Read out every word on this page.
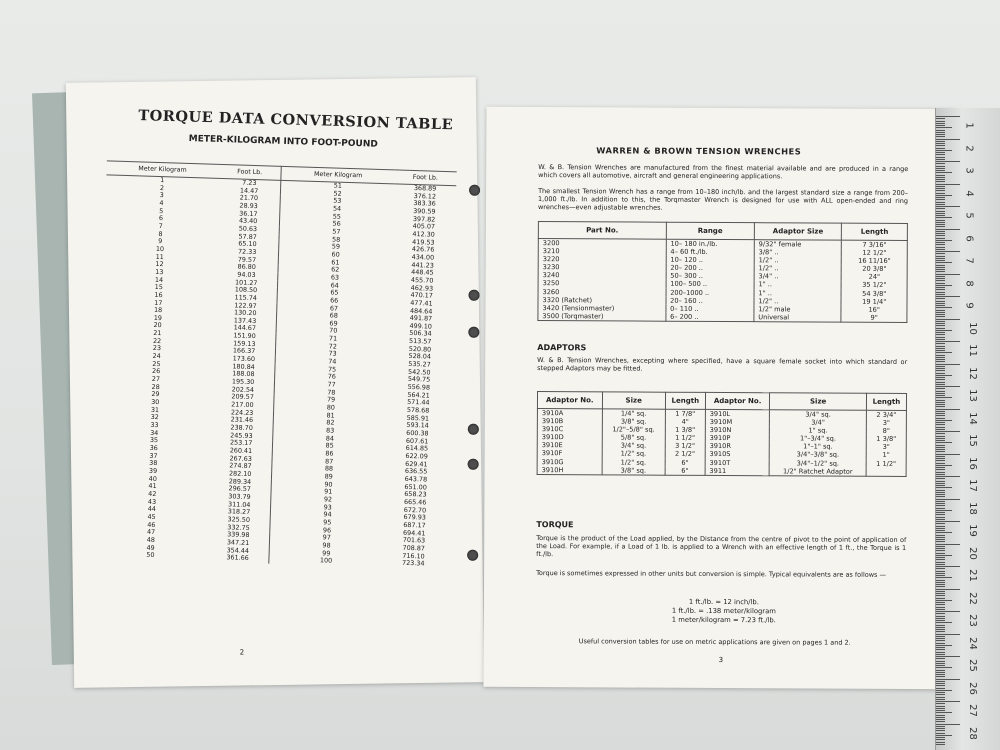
TORQUE DATA CONVERSION TABLE
METER-KILOGRAM INTO FOOT-POUND
Meter Kilogram	Foot Lb.	Meter Kilogram	Foot Lb.
1	7.23	51	368.89
2	14.47	52	376.12
3	21.70	53	383.36
4	28.93	54	390.59
5	36.17	55	397.82
6	43.40	56	405.07
7	50.63	57	412.30
8	57.87	58	419.53
9	65.10	59	426.76
10	72.33	60	434.00
11	79.57	61	441.23
12	86.80	62	448.45
13	94.03	63	455.70
14	101.27	64	462.93
15	108.50	65	470.17
16	115.74	66	477.41
17	122.97	67	484.64
18	130.20	68	491.87
19	137.43	69	499.10
20	144.67	70	506.34
21	151.90	71	513.57
22	159.13	72	520.80
23	166.37	73	528.04
24	173.60	74	535.27
25	180.84	75	542.50
26	188.08	76	549.75
27	195.30	77	556.98
28	202.54	78	564.21
29	209.57	79	571.44
30	217.00	80	578.68
31	224.23	81	585.91
32	231.46	82	593.14
33	238.70	83	600.38
34	245.93	84	607.61
35	253.17	85	614.85
36	260.41	86	622.09
37	267.63	87	629.41
38	274.87	88	636.55
39	282.10	89	643.78
40	289.34	90	651.00
41	296.57	91	658.23
42	303.79	92	665.46
43	311.04	93	672.70
44	318.27	94	679.93
45	325.50	95	687.17
46	332.75	96	694.41
47	339.98	97	701.63
48	347.21	98	708.87
49	354.44	99	716.10
50	361.66	100	723.34
2
WARREN & BROWN TENSION WRENCHES
W. & B. Tension Wrenches are manufactured from the finest material available and are produced in a range which covers all automotive, aircraft and general engineering applications.
The smallest Tension Wrench has a range from 10–180 inch/lb. and the largest standard size a range from 200–1,000 ft./lb. In addition to this, the Torqmaster Wrench is designed for use with ALL open-ended and ring wrenches—even adjustable wrenches.
Part No.	Range	Adaptor Size	Length
3200	10– 180 in./lb.	9/32" female	7 3/16"
3210	4– 60 ft./lb.	3/8" ..	12 1/2"
3220	10– 120 ..	1/2" ..	16 11/16"
3230	20– 200 ..	1/2" ..	20 3/8"
3240	50– 300 ..	3/4" ..	24"
3250	100– 500 ..	1" ..	35 1/2"
3260	200–1000 ..	1" ..	54 3/8"
3320 (Ratchet)	20– 160 ..	1/2" ..	19 1/4"
3420 (Tensionmaster)	0– 110 ..	1/2" male	16"
3500 (Torqmaster)	6– 200 ..	Universal	9"
ADAPTORS
W. & B. Tension Wrenches, excepting where specified, have a square female socket into which standard or stepped Adaptors may be fitted.
Adaptor No.	Size	Length	Adaptor No.	Size	Length
3910A	1/4" sq.	1 7/8"	3910L	3/4" sq.	2 3/4"
3910B	3/8" sq.	4"	3910M	3/4"	3"
3910C	1/2"–5/8" sq.	1 3/8"	3910N	1" sq.	8"
3910D	5/8" sq.	1 1/2"	3910P	1"–3/4" sq.	1 3/8"
3910E	3/4" sq.	3 1/2"	3910R	1"–1" sq.	3"
3910F	1/2" sq.	2 1/2"	3910S	3/4"–3/8" sq.	1"
3910G	1/2" sq.	6"	3910T	3/4"–1/2" sq.	1 1/2"
3910H	3/8" sq.	6"	3911	1/2" Ratchet Adaptor	
TORQUE
Torque is the product of the Load applied, by the Distance from the centre of pivot to the point of application of the Load. For example, if a Load of 1 lb. is applied to a Wrench with an effective length of 1 ft., the Torque is 1 ft./lb.
Torque is sometimes expressed in other units but conversion is simple. Typical equivalents are as follows —
1 ft./lb. = 12 inch/lb.
1 ft./lb. = .138 meter/kilogram
1 meter/kilogram = 7.23 ft./lb.
Useful conversion tables for use on metric applications are given on pages 1 and 2.
3
1
2
3
4
5
6
7
8
9
10
11
12
13
14
15
16
17
18
19
20
21
22
23
24
25
26
27
28
